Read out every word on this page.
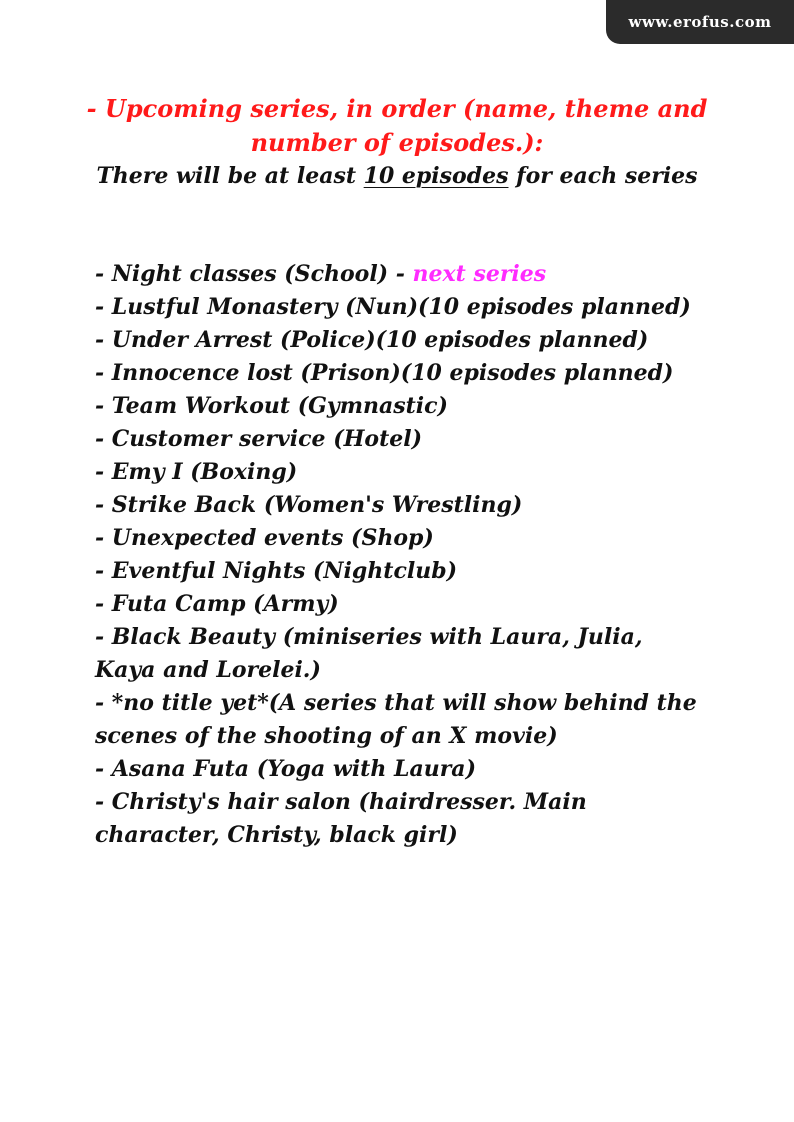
www.erofus.com
- Upcoming series, in order (name, theme and number of episodes.):
There will be at least 10 episodes for each series
- Night classes (School) - next series
- Lustful Monastery (Nun)(10 episodes planned)
- Under Arrest (Police)(10 episodes planned)
- Innocence lost (Prison)(10 episodes planned)
- Team Workout (Gymnastic)
- Customer service (Hotel)
- Emy I (Boxing)
- Strike Back (Women's Wrestling)
- Unexpected events (Shop)
- Eventful Nights (Nightclub)
- Futa Camp (Army)
- Black Beauty (miniseries with Laura, Julia, Kaya and Lorelei.)
- *no title yet*(A series that will show behind the scenes of the shooting of an X movie)
- Asana Futa (Yoga with Laura)
- Christy's hair salon (hairdresser. Main character, Christy, black girl)
